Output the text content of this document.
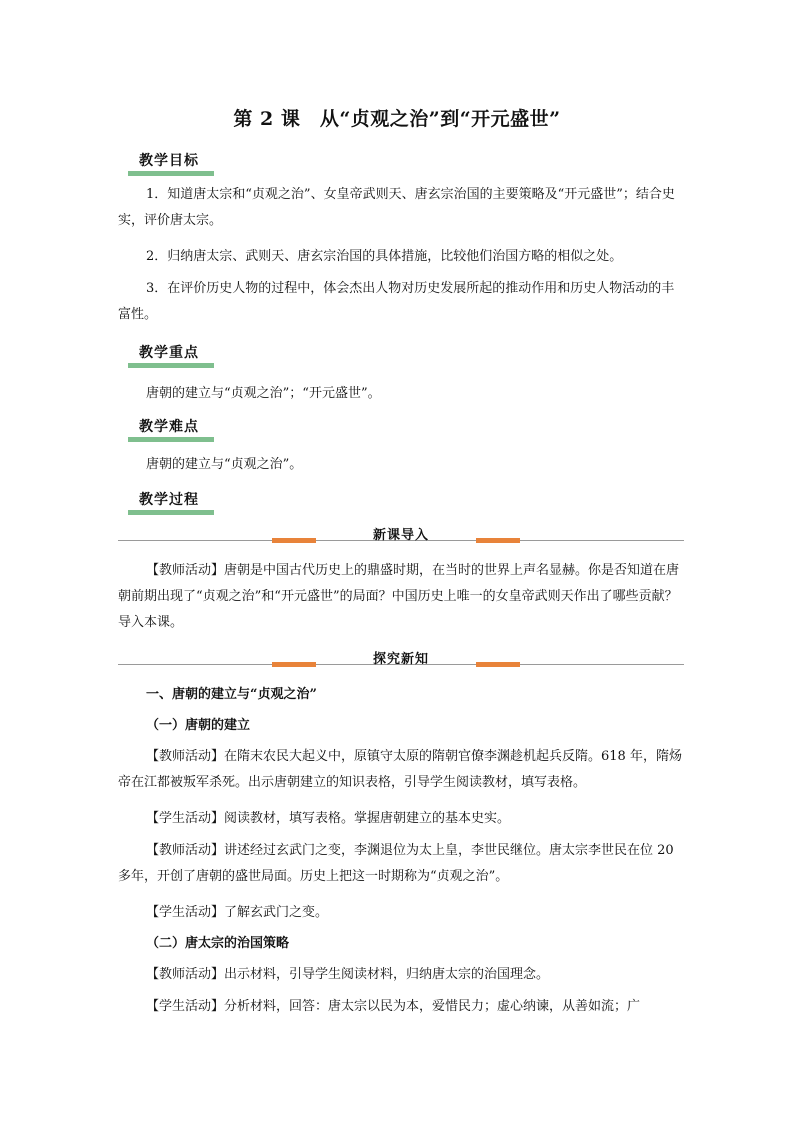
第 2 课　从“贞观之治”到“开元盛世”
教学目标

1．知道唐太宗和“贞观之治”、女皇帝武则天、唐玄宗治国的主要策略及“开元盛世”；结合史实，评价唐太宗。

2．归纳唐太宗、武则天、唐玄宗治国的具体措施，比较他们治国方略的相似之处。

3．在评价历史人物的过程中，体会杰出人物对历史发展所起的推动作用和历史人物活动的丰富性。

教学重点

唐朝的建立与“贞观之治”；“开元盛世”。

教学难点

唐朝的建立与“贞观之治”。

教学过程
新课导入

【教师活动】唐朝是中国古代历史上的鼎盛时期，在当时的世界上声名显赫。你是否知道在唐朝前期出现了“贞观之治”和“开元盛世”的局面？中国历史上唯一的女皇帝武则天作出了哪些贡献？导入本课。

探究新知

一、唐朝的建立与“贞观之治”

（一）唐朝的建立

【教师活动】在隋末农民大起义中，原镇守太原的隋朝官僚李渊趁机起兵反隋。618 年，隋炀帝在江都被叛军杀死。出示唐朝建立的知识表格，引导学生阅读教材，填写表格。

【学生活动】阅读教材，填写表格。掌握唐朝建立的基本史实。

【教师活动】讲述经过玄武门之变，李渊退位为太上皇，李世民继位。唐太宗李世民在位 20 多年，开创了唐朝的盛世局面。历史上把这一时期称为“贞观之治”。

【学生活动】了解玄武门之变。

（二）唐太宗的治国策略

【教师活动】出示材料，引导学生阅读材料，归纳唐太宗的治国理念。

【学生活动】分析材料，回答：唐太宗以民为本，爱惜民力；虚心纳谏，从善如流；广
